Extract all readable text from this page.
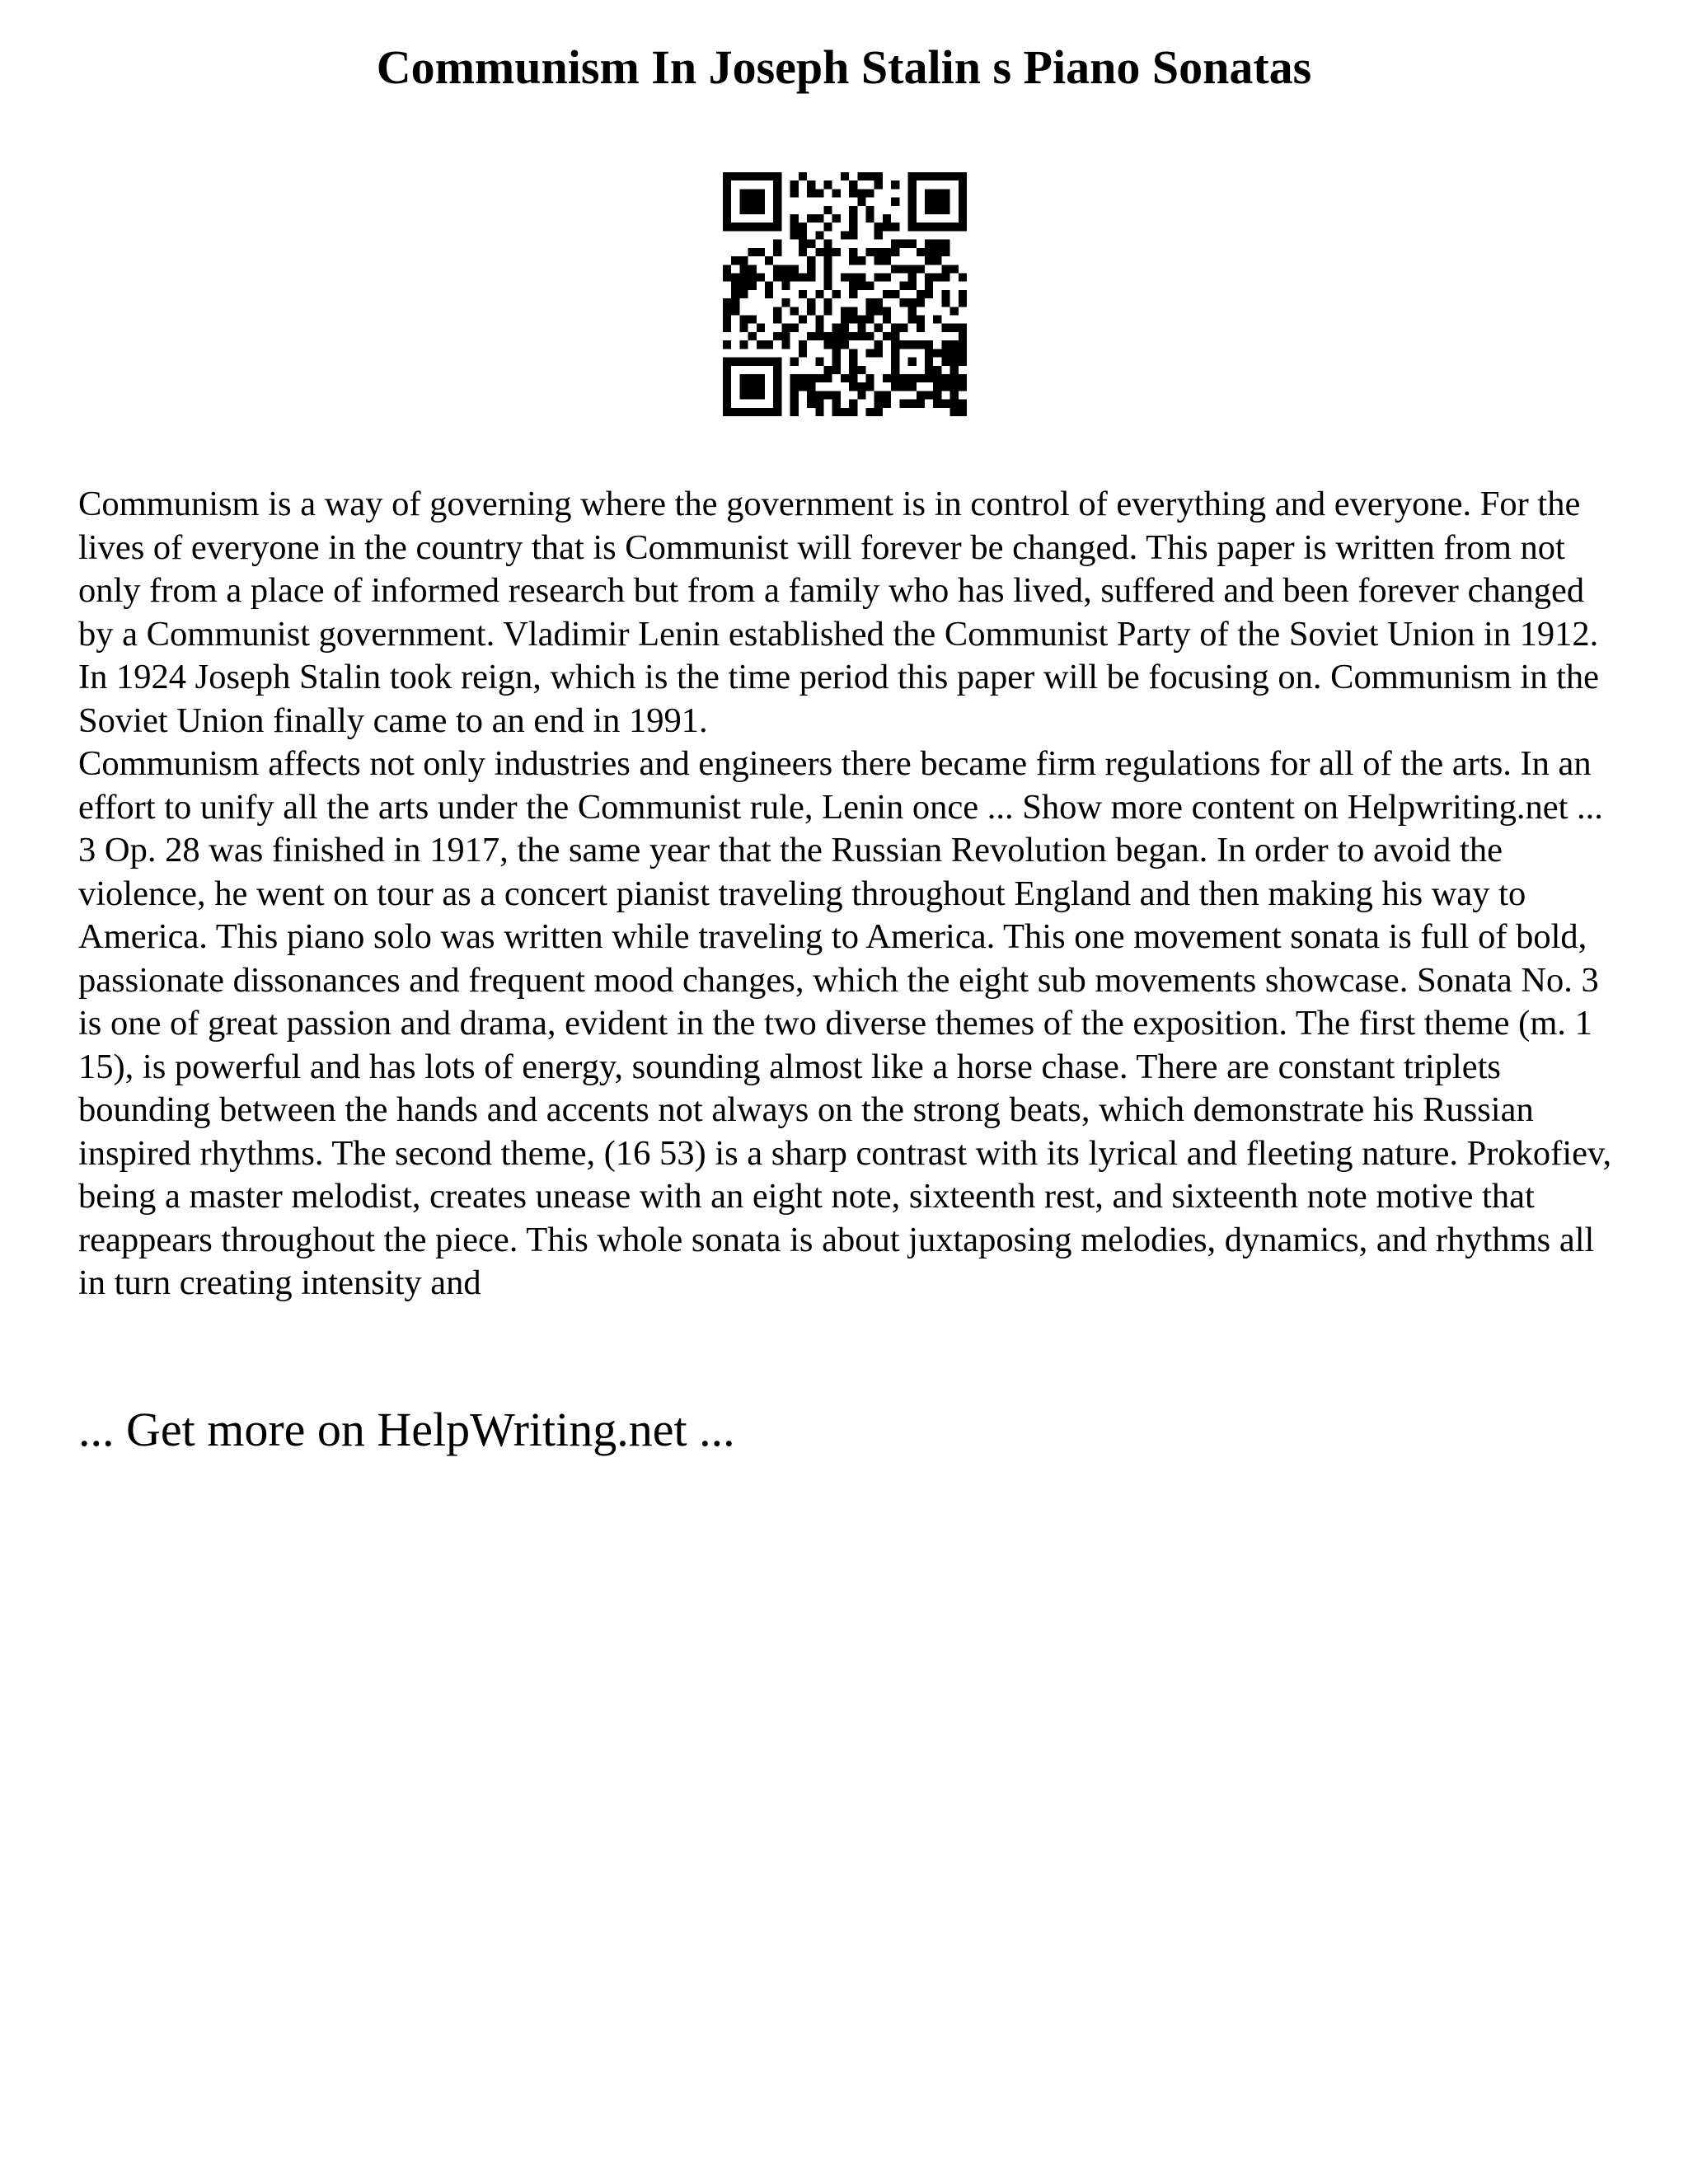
Communism In Joseph Stalin s Piano Sonatas

Communism is a way of governing where the government is in control of everything and everyone. For the lives of everyone in the country that is Communist will forever be changed. This paper is written from not only from a place of informed research but from a family who has lived, suffered and been forever changed by a Communist government. Vladimir Lenin established the Communist Party of the Soviet Union in 1912. In 1924 Joseph Stalin took reign, which is the time period this paper will be focusing on. Communism in the Soviet Union finally came to an end in 1991.

Communism affects not only industries and engineers there became firm regulations for all of the arts. In an effort to unify all the arts under the Communist rule, Lenin once ... Show more content on Helpwriting.net ...

3 Op. 28 was finished in 1917, the same year that the Russian Revolution began. In order to avoid the violence, he went on tour as a concert pianist traveling throughout England and then making his way to America. This piano solo was written while traveling to America. This one movement sonata is full of bold, passionate dissonances and frequent mood changes, which the eight sub movements showcase. Sonata No. 3 is one of great passion and drama, evident in the two diverse themes of the exposition. The first theme (m. 1 15), is powerful and has lots of energy, sounding almost like a horse chase. There are constant triplets bounding between the hands and accents not always on the strong beats, which demonstrate his Russian inspired rhythms. The second theme, (16 53) is a sharp contrast with its lyrical and fleeting nature. Prokofiev, being a master melodist, creates unease with an eight note, sixteenth rest, and sixteenth note motive that reappears throughout the piece. This whole sonata is about juxtaposing melodies, dynamics, and rhythms all in turn creating intensity and

... Get more on HelpWriting.net ...
